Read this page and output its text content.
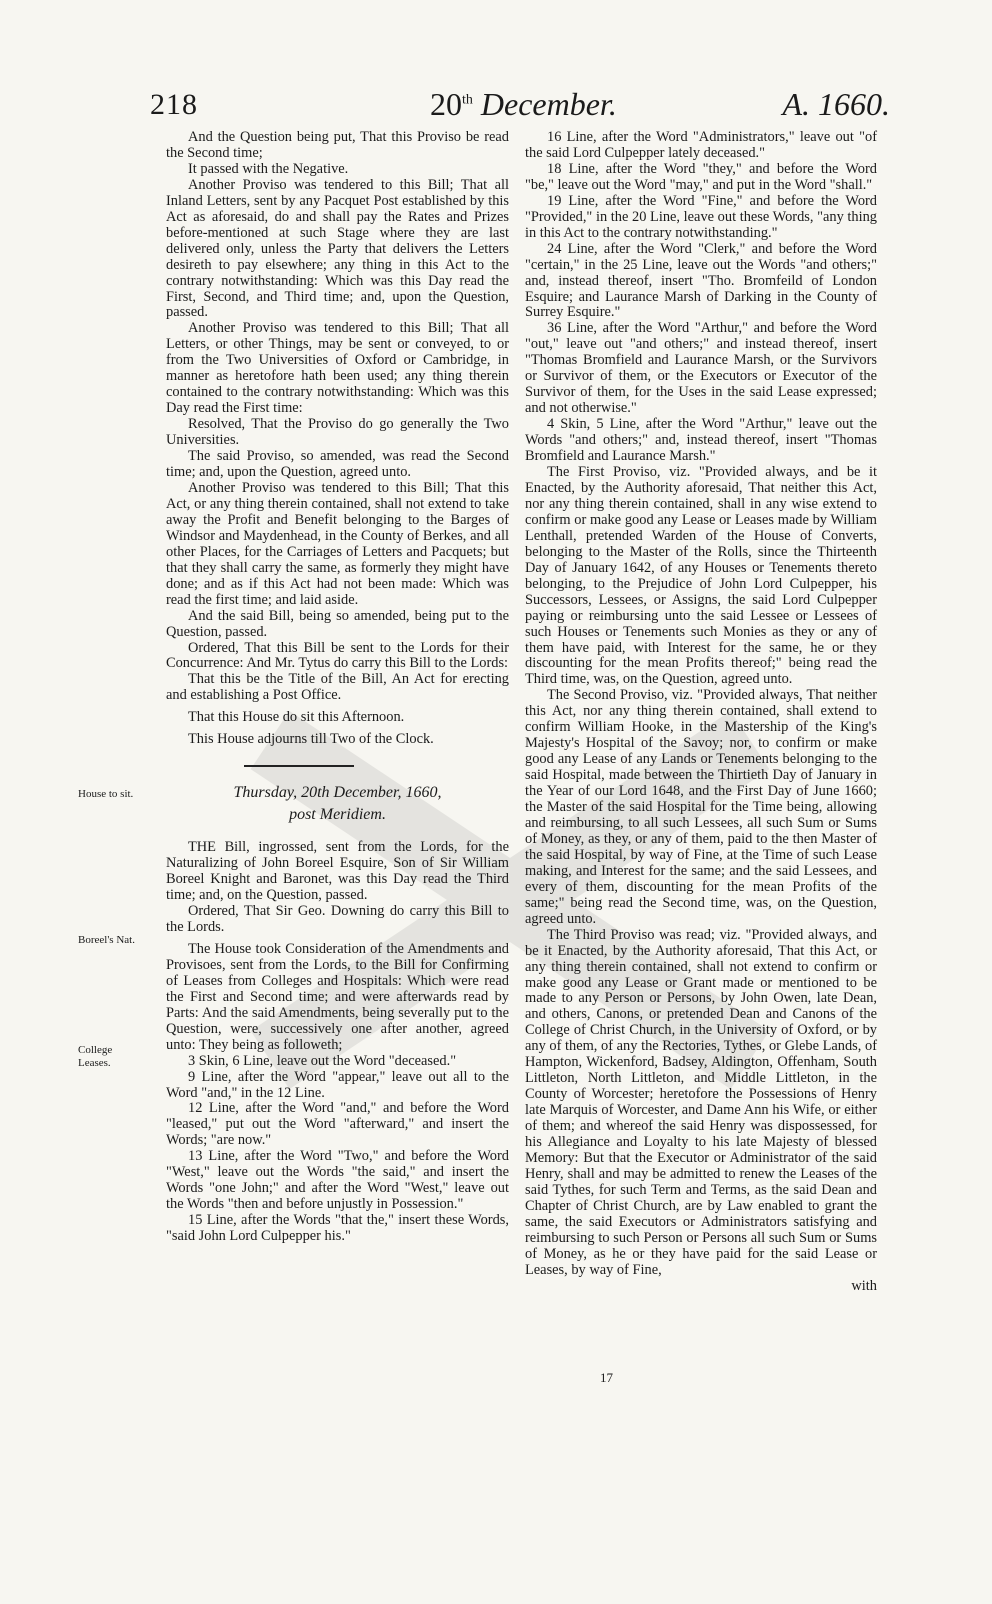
218	20th December.	A. 1660.

And the Question being put, That this Proviso be read the Second time;

It passed with the Negative.

Another Proviso was tendered to this Bill; That all Inland Letters, sent by any Pacquet Post established by this Act as aforesaid, do and shall pay the Rates and Prizes before-mentioned at such Stage where they are last delivered only, unless the Party that delivers the Letters desireth to pay elsewhere; any thing in this Act to the contrary notwithstanding: Which was this Day read the First, Second, and Third time; and, upon the Question, passed.

Another Proviso was tendered to this Bill; That all Letters, or other Things, may be sent or conveyed, to or from the Two Universities of Oxford or Cambridge, in manner as heretofore hath been used; any thing therein contained to the contrary notwithstanding: Which was this Day read the First time:

Resolved, That the Proviso do go generally the Two Universities.

The said Proviso, so amended, was read the Second time; and, upon the Question, agreed unto.

Another Proviso was tendered to this Bill; That this Act, or any thing therein contained, shall not extend to take away the Profit and Benefit belonging to the Barges of Windsor and Maydenhead, in the County of Berkes, and all other Places, for the Carriages of Letters and Pacquets; but that they shall carry the same, as formerly they might have done; and as if this Act had not been made: Which was read the first time; and laid aside.

And the said Bill, being so amended, being put to the Question, passed.

Ordered, That this Bill be sent to the Lords for their Concurrence: And Mr. Tytus do carry this Bill to the Lords:

That this be the Title of the Bill, An Act for erecting and establishing a Post Office.

That this House do sit this Afternoon.

This House adjourns till Two of the Clock.

Thursday, 20th December, 1660,

post Meridiem.

THE Bill, ingrossed, sent from the Lords, for the Naturalizing of John Boreel Esquire, Son of Sir William Boreel Knight and Baronet, was this Day read the Third time; and, on the Question, passed.

Ordered, That Sir Geo. Downing do carry this Bill to the Lords.

The House took Consideration of the Amendments and Provisoes, sent from the Lords, to the Bill for Confirming of Leases from Colleges and Hospitals: Which were read the First and Second time; and were afterwards read by Parts: And the said Amendments, being severally put to the Question, were, successively one after another, agreed unto: They being as followeth;

3 Skin, 6 Line, leave out the Word "deceased."

9 Line, after the Word "appear," leave out all to the Word "and," in the 12 Line.

12 Line, after the Word "and," and before the Word "leased," put out the Word "afterward," and insert the Words; "are now."

13 Line, after the Word "Two," and before the Word "West," leave out the Words "the said," and insert the Words "one John;" and after the Word "West," leave out the Words "then and before unjustly in Possession."

15 Line, after the Words "that the," insert these Words, "said John Lord Culpepper his."

House to sit.
Boreel's Nat.
College
Leases.

16 Line, after the Word "Administrators," leave out "of the said Lord Culpepper lately deceased."

18 Line, after the Word "they," and before the Word "be," leave out the Word "may," and put in the Word "shall."

19 Line, after the Word "Fine," and before the Word "Provided," in the 20 Line, leave out these Words, "any thing in this Act to the contrary notwithstanding."

24 Line, after the Word "Clerk," and before the Word "certain," in the 25 Line, leave out the Words "and others;" and, instead thereof, insert "Tho. Bromfeild of London Esquire; and Laurance Marsh of Darking in the County of Surrey Esquire."

36 Line, after the Word "Arthur," and before the Word "out," leave out "and others;" and instead thereof, insert "Thomas Bromfield and Laurance Marsh, or the Survivors or Survivor of them, or the Executors or Executor of the Survivor of them, for the Uses in the said Lease expressed; and not otherwise."

4 Skin, 5 Line, after the Word "Arthur," leave out the Words "and others;" and, instead thereof, insert "Thomas Bromfield and Laurance Marsh."

The First Proviso, viz. "Provided always, and be it Enacted, by the Authority aforesaid, That neither this Act, nor any thing therein contained, shall in any wise extend to confirm or make good any Lease or Leases made by William Lenthall, pretended Warden of the House of Converts, belonging to the Master of the Rolls, since the Thirteenth Day of January 1642, of any Houses or Tenements thereto belonging, to the Prejudice of John Lord Culpepper, his Successors, Lessees, or Assigns, the said Lord Culpepper paying or reimbursing unto the said Lessee or Lessees of such Houses or Tenements such Monies as they or any of them have paid, with Interest for the same, he or they discounting for the mean Profits thereof;" being read the Third time, was, on the Question, agreed unto.

The Second Proviso, viz. "Provided always, That neither this Act, nor any thing therein contained, shall extend to confirm William Hooke, in the Mastership of the King's Majesty's Hospital of the Savoy; nor, to confirm or make good any Lease of any Lands or Tenements belonging to the said Hospital, made between the Thirtieth Day of January in the Year of our Lord 1648, and the First Day of June 1660; the Master of the said Hospital for the Time being, allowing and reimbursing, to all such Lessees, all such Sum or Sums of Money, as they, or any of them, paid to the then Master of the said Hospital, by way of Fine, at the Time of such Lease making, and Interest for the same; and the said Lessees, and every of them, discounting for the mean Profits of the same;" being read the Second time, was, on the Question, agreed unto.

The Third Proviso was read; viz. "Provided always, and be it Enacted, by the Authority aforesaid, That this Act, or any thing therein contained, shall not extend to confirm or make good any Lease or Grant made or mentioned to be made to any Person or Persons, by John Owen, late Dean, and others, Canons, or pretended Dean and Canons of the College of Christ Church, in the University of Oxford, or by any of them, of any the Rectories, Tythes, or Glebe Lands, of Hampton, Wickenford, Badsey, Aldington, Offenham, South Littleton, North Littleton, and Middle Littleton, in the County of Worcester; heretofore the Possessions of Henry late Marquis of Worcester, and Dame Ann his Wife, or either of them; and whereof the said Henry was dispossessed, for his Allegiance and Loyalty to his late Majesty of blessed Memory: But that the Executor or Administrator of the said Henry, shall and may be admitted to renew the Leases of the said Tythes, for such Term and Terms, as the said Dean and Chapter of Christ Church, are by Law enabled to grant the same, the said Executors or Administrators satisfying and reimbursing to such Person or Persons all such Sum or Sums of Money, as he or they have paid for the said Lease or Leases, by way of Fine,

with

17
